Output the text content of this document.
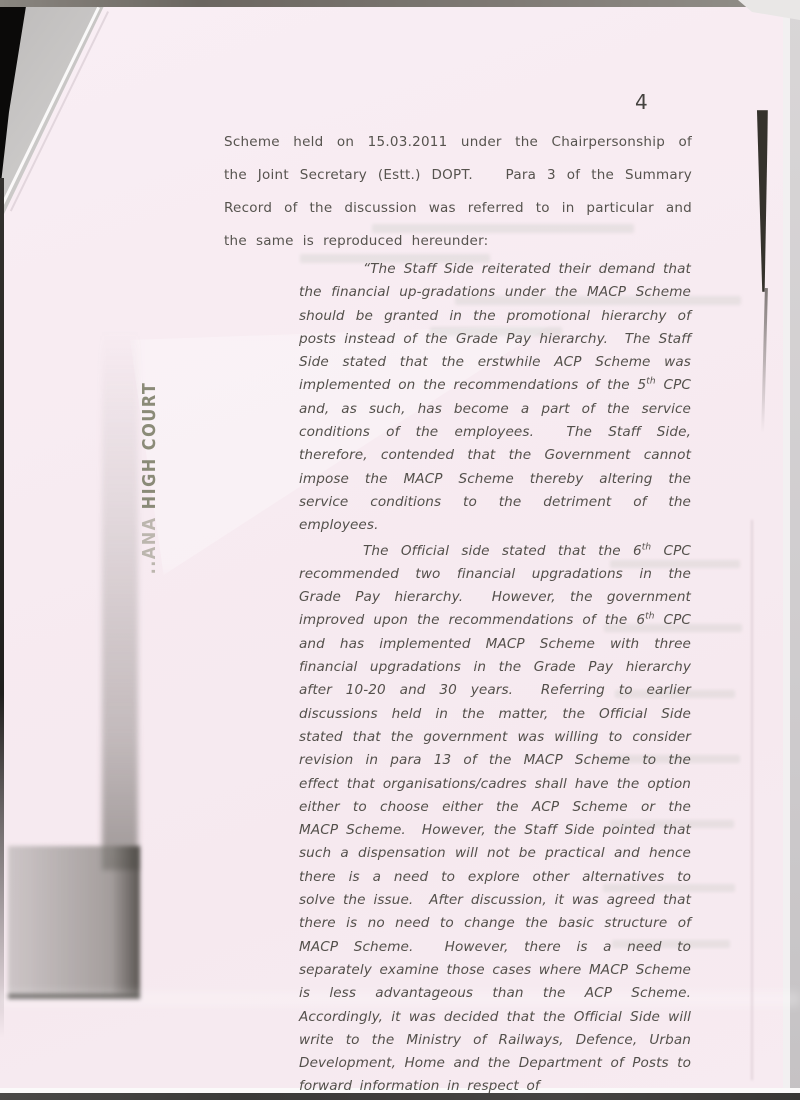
..ANA HIGH COURT
4
Scheme held on 15.03.2011 under the Chairpersonship of the Joint Secretary (Estt.) DOPT.   Para 3 of the Summary Record of the discussion was referred to in particular and the same is reproduced hereunder:

“The Staff Side reiterated their demand that the financial up-gradations under the MACP Scheme should be granted in the promotional hierarchy of posts instead of the Grade Pay hierarchy.  The Staff Side stated that the erstwhile ACP Scheme was implemented on the recommendations of the 5th CPC and, as such, has become a part of the service conditions of the employees.  The Staff Side, therefore, contended that the Government cannot impose the MACP Scheme thereby altering the service conditions to the detriment of the employees.

The Official side stated that the 6th CPC recommended two financial upgradations in the Grade Pay hierarchy.  However, the government improved upon the recommendations of the 6th CPC and has implemented MACP Scheme with three financial upgradations in the Grade Pay hierarchy after 10-20 and 30 years.  Referring to earlier discussions held in the matter, the Official Side stated that the government was willing to consider revision in para 13 of the MACP Scheme to the effect that organisations/cadres shall have the option either to choose either the ACP Scheme or the MACP Scheme.  However, the Staff Side pointed that such a dispensation will not be practical and hence there is a need to explore other alternatives to solve the issue.  After discussion, it was agreed that there is no need to change the basic structure of MACP Scheme.  However, there is a need to separately examine those cases where MACP Scheme is less advantageous than the ACP Scheme.  Accordingly, it was decided that the Official Side will write to the Ministry of Railways, Defence, Urban Development, Home and the Department of Posts to forward information in respect of
